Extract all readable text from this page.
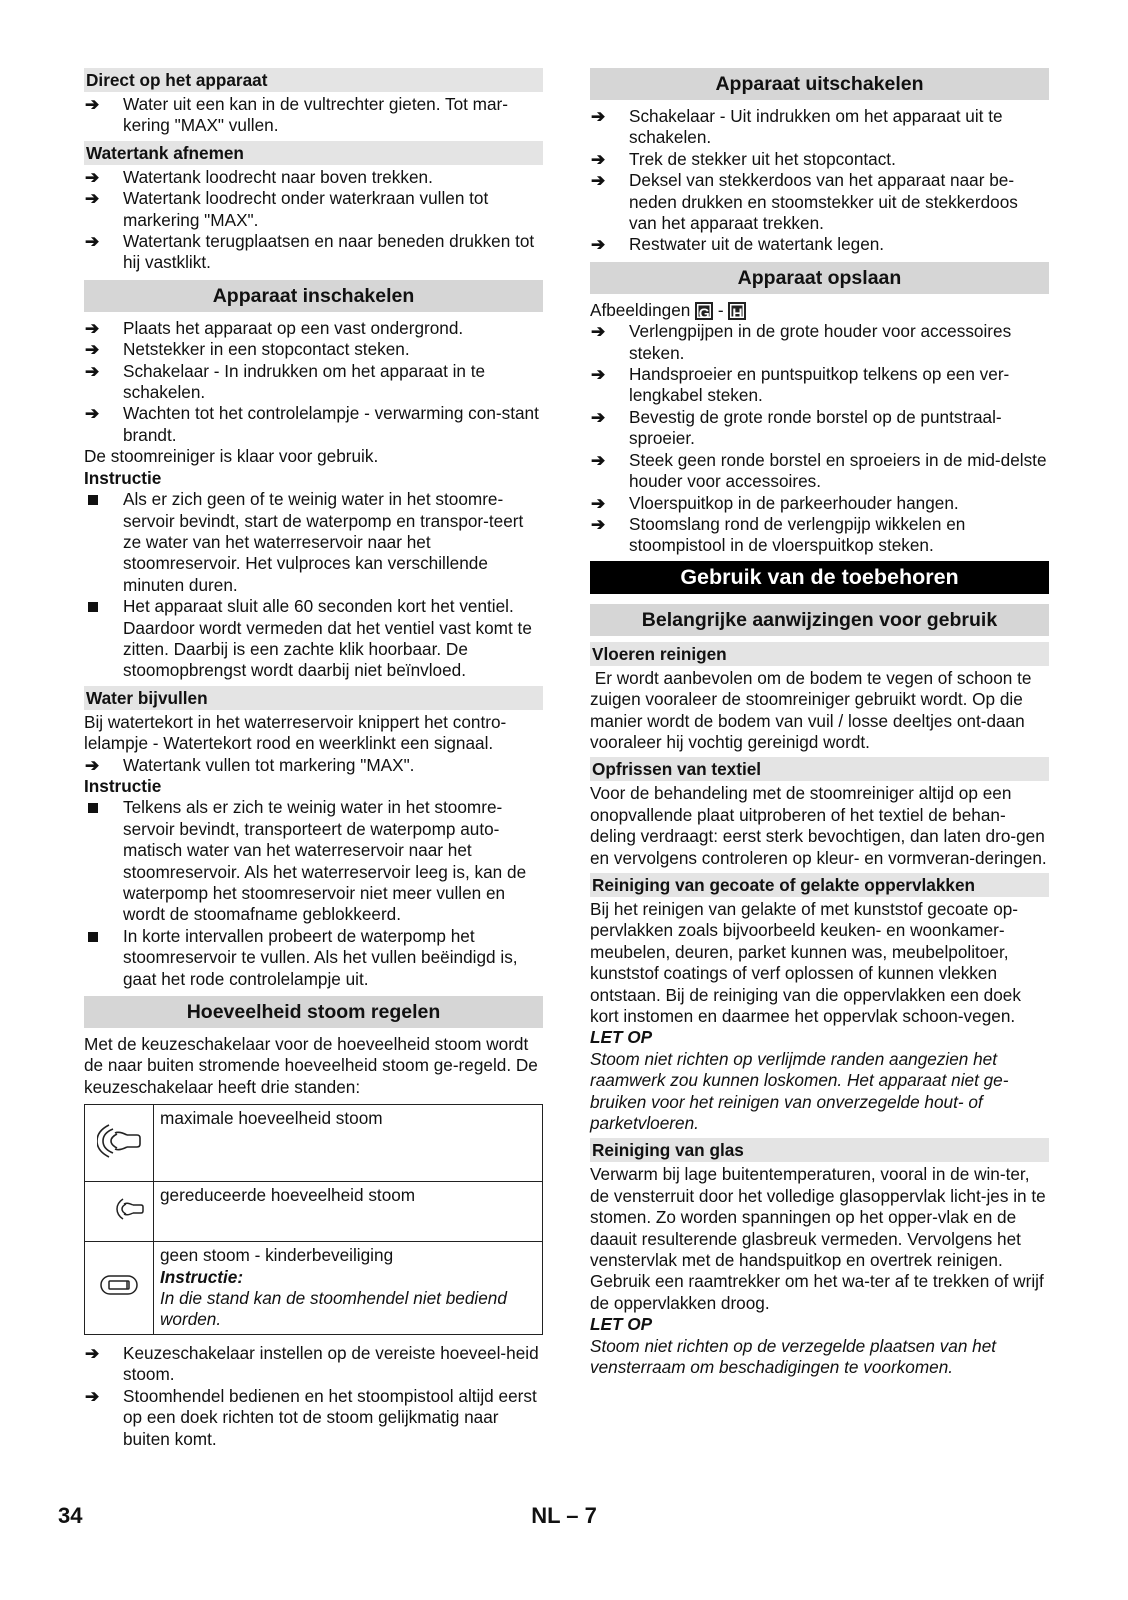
Direct op het apparaat
➔	Water uit een kan in de vultrechter gieten. Tot mar-kering "MAX" vullen.
Watertank afnemen
➔	Watertank loodrecht naar boven trekken.
➔	Watertank loodrecht onder waterkraan vullen tot markering "MAX".
➔	Watertank terugplaatsen en naar beneden drukken tot hij vastklikt.
Apparaat inschakelen
➔	Plaats het apparaat op een vast ondergrond.
➔	Netstekker in een stopcontact steken.
➔	Schakelaar - In indrukken om het apparaat in te schakelen.
➔	Wachten tot het controlelampje - verwarming con-stant brandt.

De stoomreiniger is klaar voor gebruik.

Instructie

Als er zich geen of te weinig water in het stoomre-servoir bevindt, start de waterpomp en transpor-teert ze water van het waterreservoir naar het stoomreservoir. Het vulproces kan verschillende minuten duren.
Het apparaat sluit alle 60 seconden kort het ventiel. Daardoor wordt vermeden dat het ventiel vast komt te zitten. Daarbij is een zachte klik hoorbaar. De stoomopbrengst wordt daarbij niet beïnvloed.
Water bijvullen

Bij watertekort in het waterreservoir knippert het contro-lelampje - Watertekort rood en weerklinkt een signaal.

➔	Watertank vullen tot markering "MAX".

Instructie

Telkens als er zich te weinig water in het stoomre-servoir bevindt, transporteert de waterpomp auto-matisch water van het waterreservoir naar het stoomreservoir. Als het waterreservoir leeg is, kan de waterpomp het stoomreservoir niet meer vullen en wordt de stoomafname geblokkeerd.
In korte intervallen probeert de waterpomp het stoomreservoir te vullen. Als het vullen beëindigd is, gaat het rode controlelampje uit.
Hoeveelheid stoom regelen

Met de keuzeschakelaar voor de hoeveelheid stoom wordt de naar buiten stromende hoeveelheid stoom ge-regeld. De keuzeschakelaar heeft drie standen:

	maximale hoeveelheid stoom
	gereduceerde hoeveelheid stoom

geen stoom - kinderbeveiliging
Instructie:
In die stand kan de stoomhendel niet bediend worden.
➔	Keuzeschakelaar instellen op de vereiste hoeveel-heid stoom.
➔	Stoomhendel bedienen en het stoompistool altijd eerst op een doek richten tot de stoom gelijkmatig naar buiten komt.
Apparaat uitschakelen
➔	Schakelaar - Uit indrukken om het apparaat uit te schakelen.
➔	Trek de stekker uit het stopcontact.
➔	Deksel van stekkerdoos van het apparaat naar be-neden drukken en stoomstekker uit de stekkerdoos van het apparaat trekken.
➔	Restwater uit de watertank legen.
Apparaat opslaan

Afbeeldingen G - H

➔	Verlengpijpen in de grote houder voor accessoires steken.
➔	Handsproeier en puntspuitkop telkens op een ver-lengkabel steken.
➔	Bevestig de grote ronde borstel op de puntstraal-sproeier.
➔	Steek geen ronde borstel en sproeiers in de mid-delste houder voor accessoires.
➔	Vloerspuitkop in de parkeerhouder hangen.
➔	Stoomslang rond de verlengpijp wikkelen en stoompistool in de vloerspuitkop steken.
Gebruik van de toebehoren
Belangrijke aanwijzingen voor gebruik
Vloeren reinigen

Er wordt aanbevolen om de bodem te vegen of schoon te zuigen vooraleer de stoomreiniger gebruikt wordt. Op die manier wordt de bodem van vuil / losse deeltjes ont-daan vooraleer hij vochtig gereinigd wordt.

Opfrissen van textiel

Voor de behandeling met de stoomreiniger altijd op een onopvallende plaat uitproberen of het textiel de behan-deling verdraagt: eerst sterk bevochtigen, dan laten dro-gen en vervolgens controleren op kleur- en vormveran-deringen.

Reiniging van gecoate of gelakte oppervlakken

Bij het reinigen van gelakte of met kunststof gecoate op-pervlakken zoals bijvoorbeeld keuken- en woonkamer-meubelen, deuren, parket kunnen was, meubelpolitoer, kunststof coatings of verf oplossen of kunnen vlekken ontstaan. Bij de reiniging van die oppervlakken een doek kort instomen en daarmee het oppervlak schoon-vegen.

LET OP

Stoom niet richten op verlijmde randen aangezien het raamwerk zou kunnen loskomen. Het apparaat niet ge-bruiken voor het reinigen van onverzegelde hout- of parketvloeren.

Reiniging van glas

Verwarm bij lage buitentemperaturen, vooral in de win-ter, de vensterruit door het volledige glasoppervlak licht-jes in te stomen. Zo worden spanningen op het opper-vlak en de daauit resulterende glasbreuk vermeden. Vervolgens het venstervlak met de handspuitkop en overtrek reinigen. Gebruik een raamtrekker om het wa-ter af te trekken of wrijf de oppervlakken droog.

LET OP

Stoom niet richten op de verzegelde plaatsen van het vensterraam om beschadigingen te voorkomen.

34	NL – 7
